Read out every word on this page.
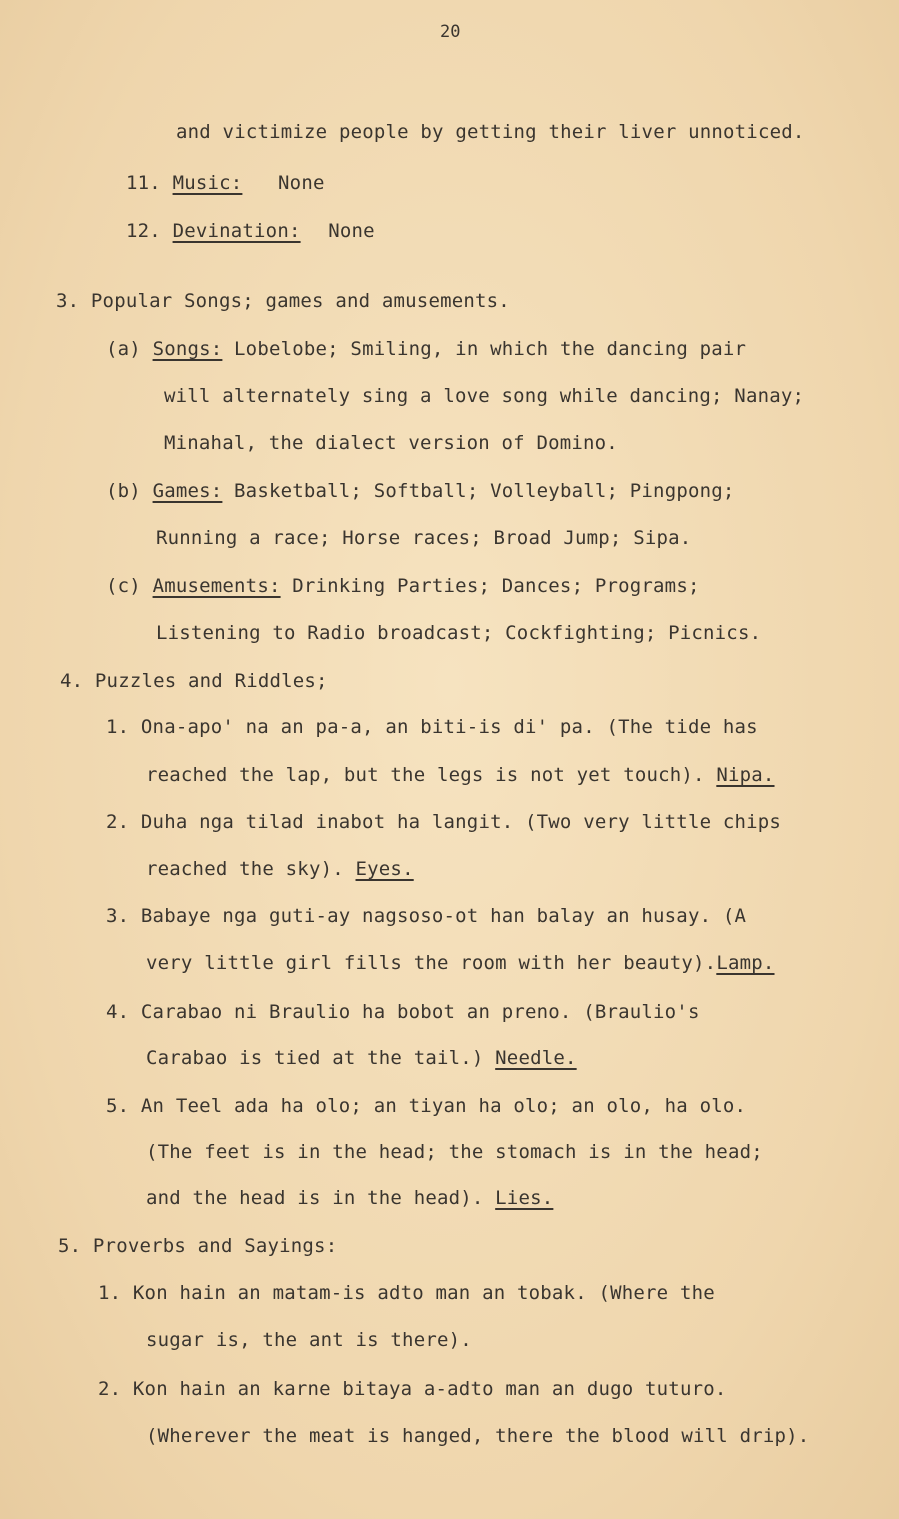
20
and victimize people by getting their liver unnoticed.
11. Music: None
12. Devination: None
3. Popular Songs; games and amusements.
(a) Songs: Lobelobe; Smiling, in which the dancing pair
will alternately sing a love song while dancing; Nanay;
Minahal, the dialect version of Domino.
(b) Games: Basketball; Softball; Volleyball; Pingpong;
Running a race; Horse races; Broad Jump; Sipa.
(c) Amusements: Drinking Parties; Dances; Programs;
Listening to Radio broadcast; Cockfighting; Picnics.
4. Puzzles and Riddles;
1. Ona-apo' na an pa-a, an biti-is di' pa. (The tide has
reached the lap, but the legs is not yet touch). Nipa.
2. Duha nga tilad inabot ha langit. (Two very little chips
reached the sky). Eyes.
3. Babaye nga guti-ay nagsoso-ot han balay an husay. (A
very little girl fills the room with her beauty).Lamp.
4. Carabao ni Braulio ha bobot an preno. (Braulio's
Carabao is tied at the tail.) Needle.
5. An Teel ada ha olo; an tiyan ha olo; an olo, ha olo.
(The feet is in the head; the stomach is in the head;
and the head is in the head). Lies.
5. Proverbs and Sayings:
1. Kon hain an matam-is adto man an tobak. (Where the
sugar is, the ant is there).
2. Kon hain an karne bitaya a-adto man an dugo tuturo.
(Wherever the meat is hanged, there the blood will drip).
